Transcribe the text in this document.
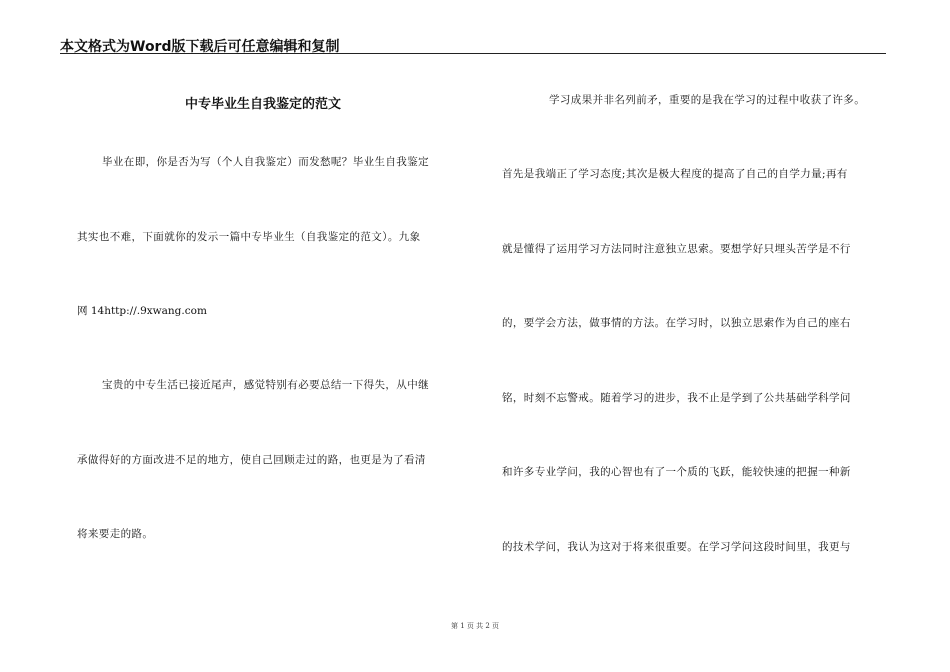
本文格式为Word版下载后可任意编辑和复制
中专毕业生自我鉴定的范文
毕业在即，你是否为写（个人自我鉴定）而发愁呢？毕业生自我鉴定
其实也不难，下面就你的发示一篇中专毕业生（自我鉴定的范文）。九象
网 14http://.9xwang.com
宝贵的中专生活已接近尾声，感觉特别有必要总结一下得失，从中继
承做得好的方面改进不足的地方，使自己回顾走过的路，也更是为了看清
将来要走的路。
学习成果并非名列前矛，重要的是我在学习的过程中收获了许多。
首先是我端正了学习态度;其次是极大程度的提高了自己的自学力量;再有
就是懂得了运用学习方法同时注意独立思索。要想学好只埋头苦学是不行
的，要学会方法，做事情的方法。在学习时，以独立思索作为自己的座右
铭，时刻不忘警戒。随着学习的进步，我不止是学到了公共基础学科学问
和许多专业学问，我的心智也有了一个质的飞跃，能较快速的把握一种新
的技术学问，我认为这对于将来很重要。在学习学问这段时间里，我更与
第 1 页 共 2 页
